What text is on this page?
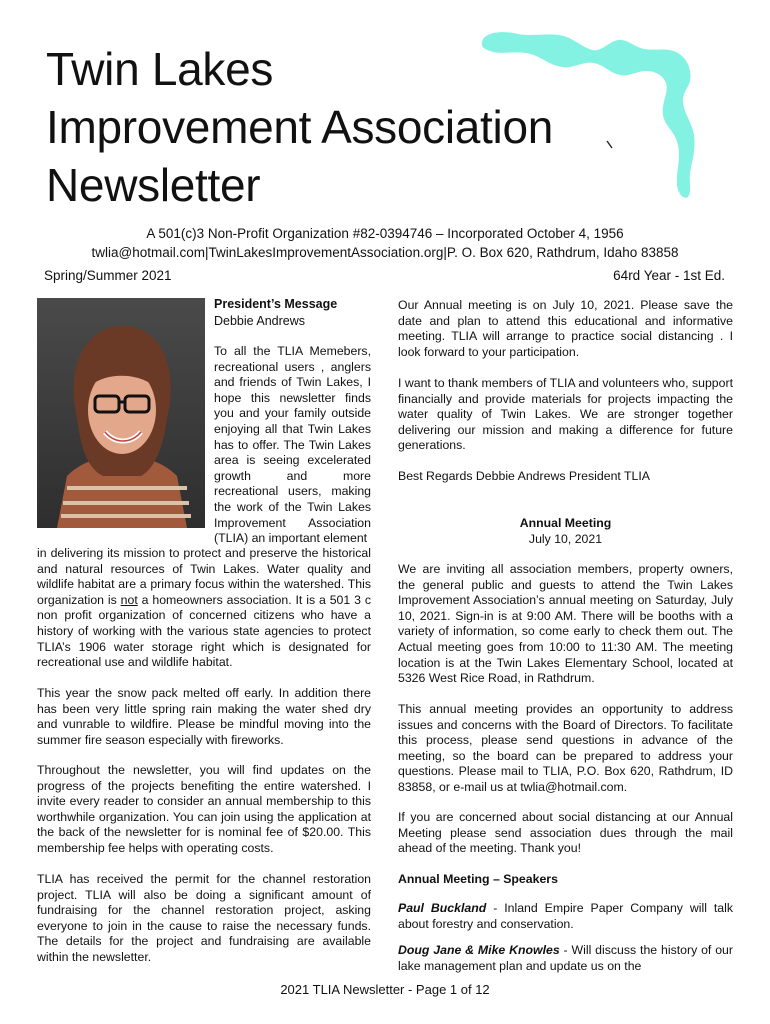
Twin Lakes
Improvement Association
Newsletter
A 501(c)3 Non-Profit Organization #82-0394746 – Incorporated October 4, 1956
twlia@hotmail.com|TwinLakesImprovementAssociation.org|P. O. Box 620, Rathdrum, Idaho 83858
Spring/Summer 2021	64rd Year - 1st Ed.
President’s Message
Debbie Andrews

To all the TLIA Memebers, recreational users , anglers and friends of Twin Lakes, I hope this newsletter finds you and your family outside enjoying all that Twin Lakes has to offer. The Twin Lakes area is seeing excelerated growth and more recreational users, making the work of the Twin Lakes Improvement Association (TLIA) an important element

in delivering its mission to protect and preserve the historical and natural resources of Twin Lakes. Water quality and wildlife habitat are a primary focus within the watershed. This organization is not a homeowners association. It is a 501 3 c non profit organization of concerned citizens who have a history of working with the various state agencies to protect TLIA’s 1906 water storage right which is designated for recreational use and wildlife habitat.

This year the snow pack melted off early. In addition there has been very little spring rain making the water shed dry and vunrable to wildfire. Please be mindful moving into the summer fire season especially with fireworks.

Throughout the newsletter, you will find updates on the progress of the projects benefiting the entire watershed. I invite every reader to consider an annual membership to this worthwhile organization. You can join using the application at the back of the newsletter for is nominal fee of $20.00. This membership fee helps with operating costs.

TLIA has received the permit for the channel restoration project. TLIA will also be doing a significant amount of fundraising for the channel restoration project, asking everyone to join in the cause to raise the necessary funds. The details for the project and fundraising are available within the newsletter.

Our Annual meeting is on July 10, 2021. Please save the date and plan to attend this educational and informative meeting. TLIA will arrange to practice social distancing . I look forward to your participation.

I want to thank members of TLIA and volunteers who, support financially and provide materials for projects impacting the water quality of Twin Lakes. We are stronger together delivering our mission and making a difference for future generations.

Best Regards Debbie Andrews President TLIA

Annual Meeting
July 10, 2021

We are inviting all association members, property owners, the general public and guests to attend the Twin Lakes Improvement Association’s annual meeting on Saturday, July 10, 2021. Sign-in is at 9:00 AM. There will be booths with a variety of information, so come early to check them out. The Actual meeting goes from 10:00 to 11:30 AM. The meeting location is at the Twin Lakes Elementary School, located at 5326 West Rice Road, in Rathdrum.

This annual meeting provides an opportunity to address issues and concerns with the Board of Directors. To facilitate this process, please send questions in advance of the meeting, so the board can be prepared to address your questions. Please mail to TLIA, P.O. Box 620, Rathdrum, ID 83858, or e-mail us at twlia@hotmail.com.

If you are concerned about social distancing at our Annual Meeting please send association dues through the mail ahead of the meeting. Thank you!

Annual Meeting – Speakers

Paul Buckland - Inland Empire Paper Company will talk about forestry and conservation.

Doug Jane & Mike Knowles - Will discuss the history of our lake management plan and update us on the

2021 TLIA Newsletter - Page 1 of 12
